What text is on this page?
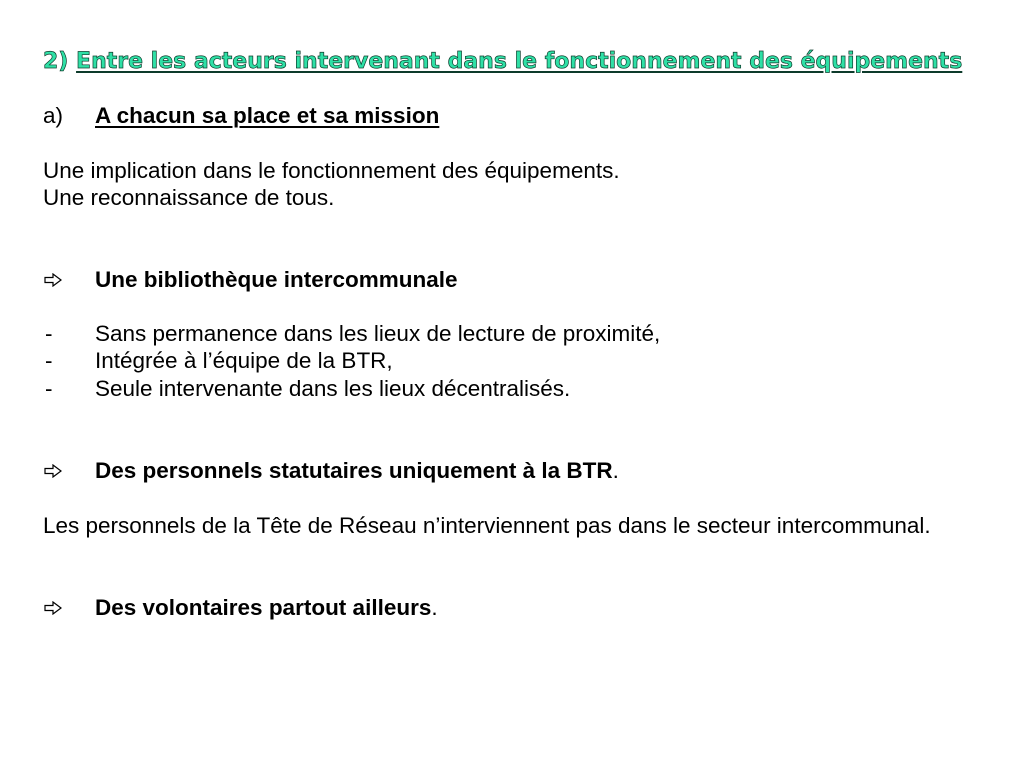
2) Entre les acteurs intervenant dans le fonctionnement des équipements
a) A chacun sa place et sa mission
Une implication dans le fonctionnement des équipements.
Une reconnaissance de tous.
Une bibliothèque intercommunale
- Sans permanence dans les lieux de lecture de proximité,
- Intégrée à l’équipe de la BTR,
- Seule intervenante dans les lieux décentralisés.
Des personnels statutaires uniquement à la BTR.
Les personnels de la Tête de Réseau n’interviennent pas dans le secteur intercommunal.
Des volontaires partout ailleurs.
